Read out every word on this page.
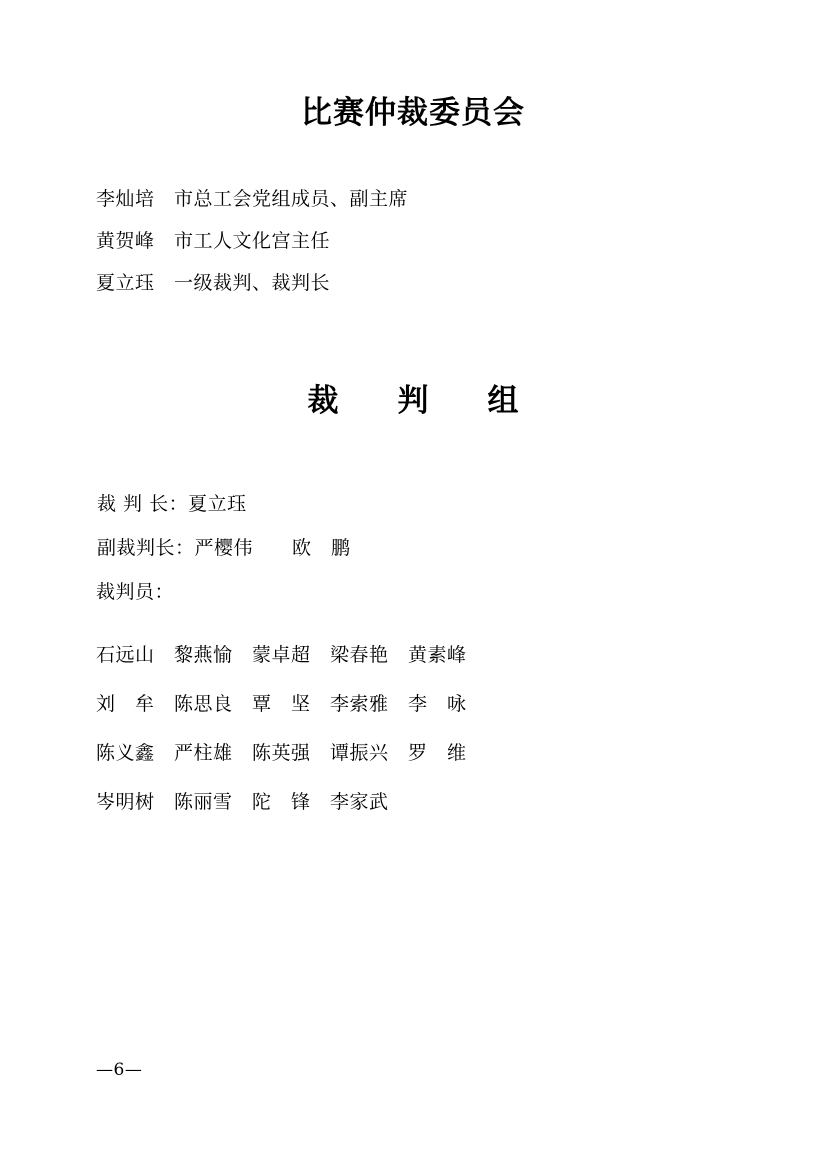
比赛仲裁委员会
李灿培　市总工会党组成员、副主席
黄贺峰　市工人文化宫主任
夏立珏　一级裁判、裁判长
裁　判　组
裁 判 长：夏立珏
副裁判长：严樱伟　　欧　鹏
裁判员：
石远山　黎燕愉　蒙卓超　梁春艳　黄素峰
刘　牟　陈思良　覃　坚　李索雅　李　咏
陈义鑫　严柱雄　陈英强　谭振兴　罗　维
岑明树　陈丽雪　陀　锋　李家武
—6—
